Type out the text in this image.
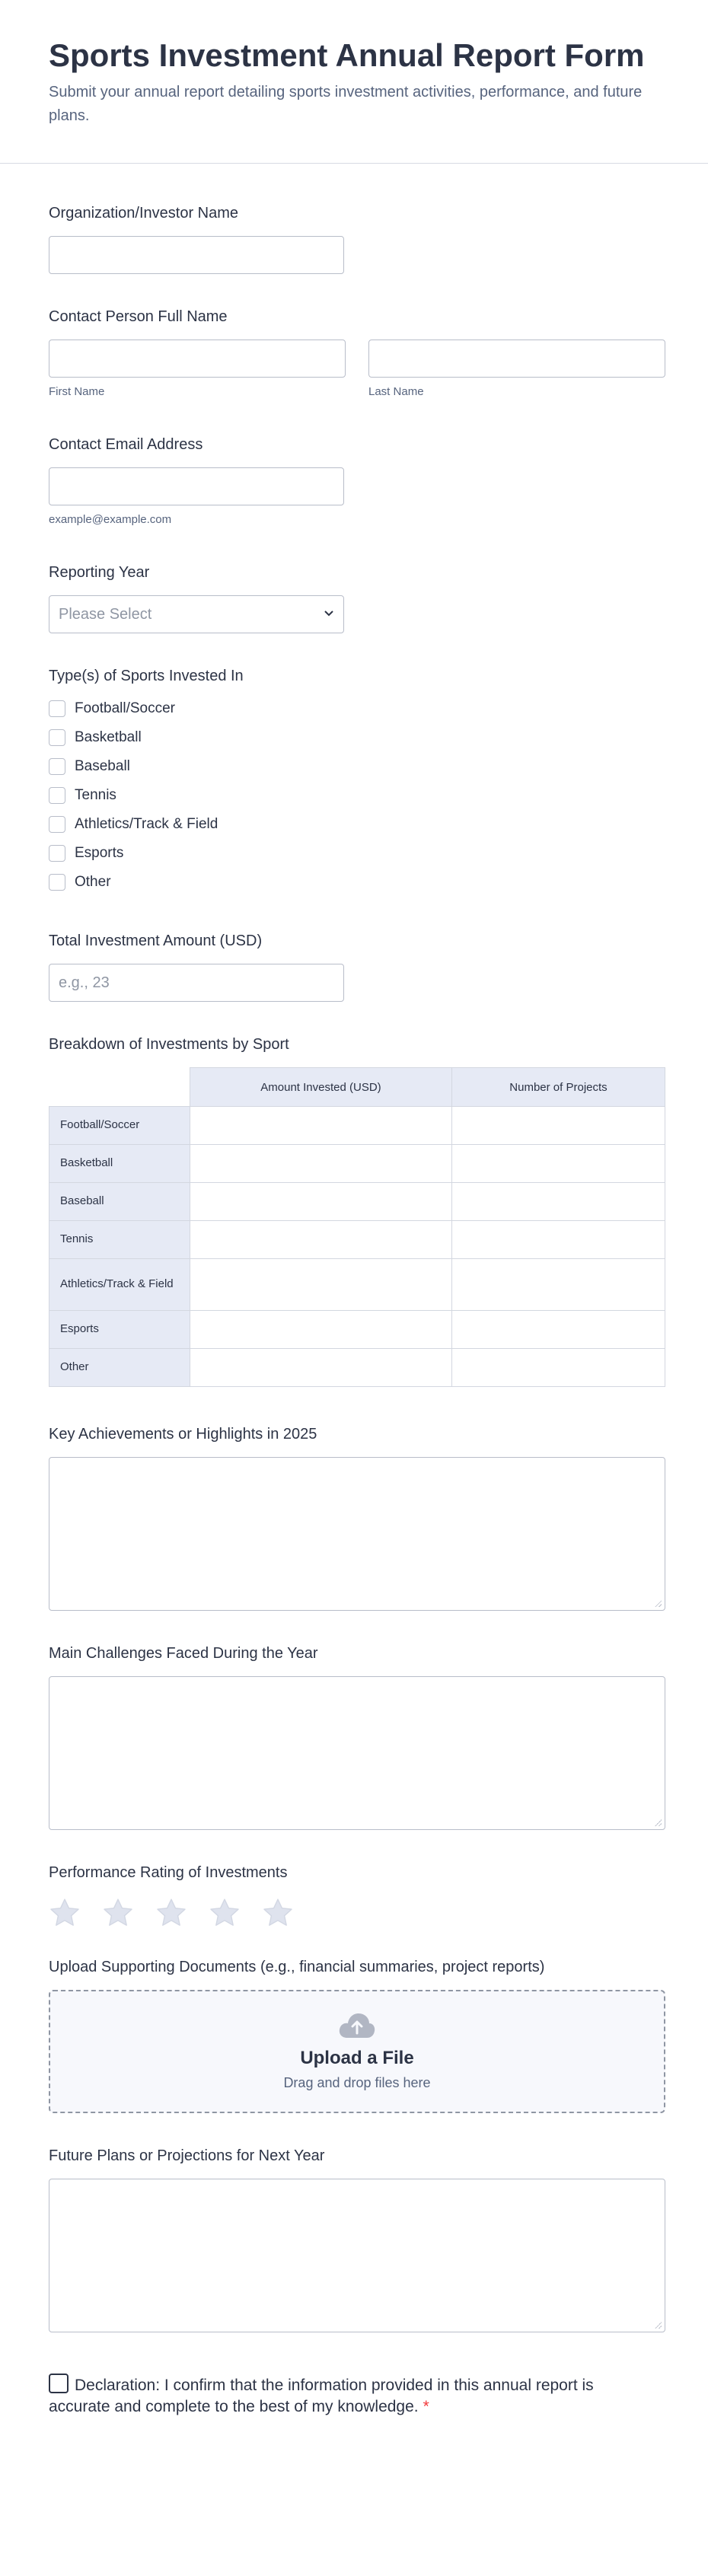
Sports Investment Annual Report Form
Submit your annual report detailing sports investment activities, performance, and future plans.
Organization/Investor Name
Contact Person Full Name
First Name	Last Name
Contact Email Address
example@example.com
Reporting Year
Please Select
Type(s) of Sports Invested In
Football/Soccer
Basketball
Baseball
Tennis
Athletics/Track & Field
Esports
Other
Total Investment Amount (USD)
e.g., 23
Breakdown of Investments by Sport
	Amount Invested (USD)	Number of Projects
Football/Soccer		
Basketball		
Baseball		
Tennis		
Athletics/Track & Field		
Esports		
Other		
Key Achievements or Highlights in 2025
Main Challenges Faced During the Year
Performance Rating of Investments
Upload Supporting Documents (e.g., financial summaries, project reports)
Upload a File
Drag and drop files here
Future Plans or Projections for Next Year
Declaration: I confirm that the information provided in this annual report is accurate and complete to the best of my knowledge. *
